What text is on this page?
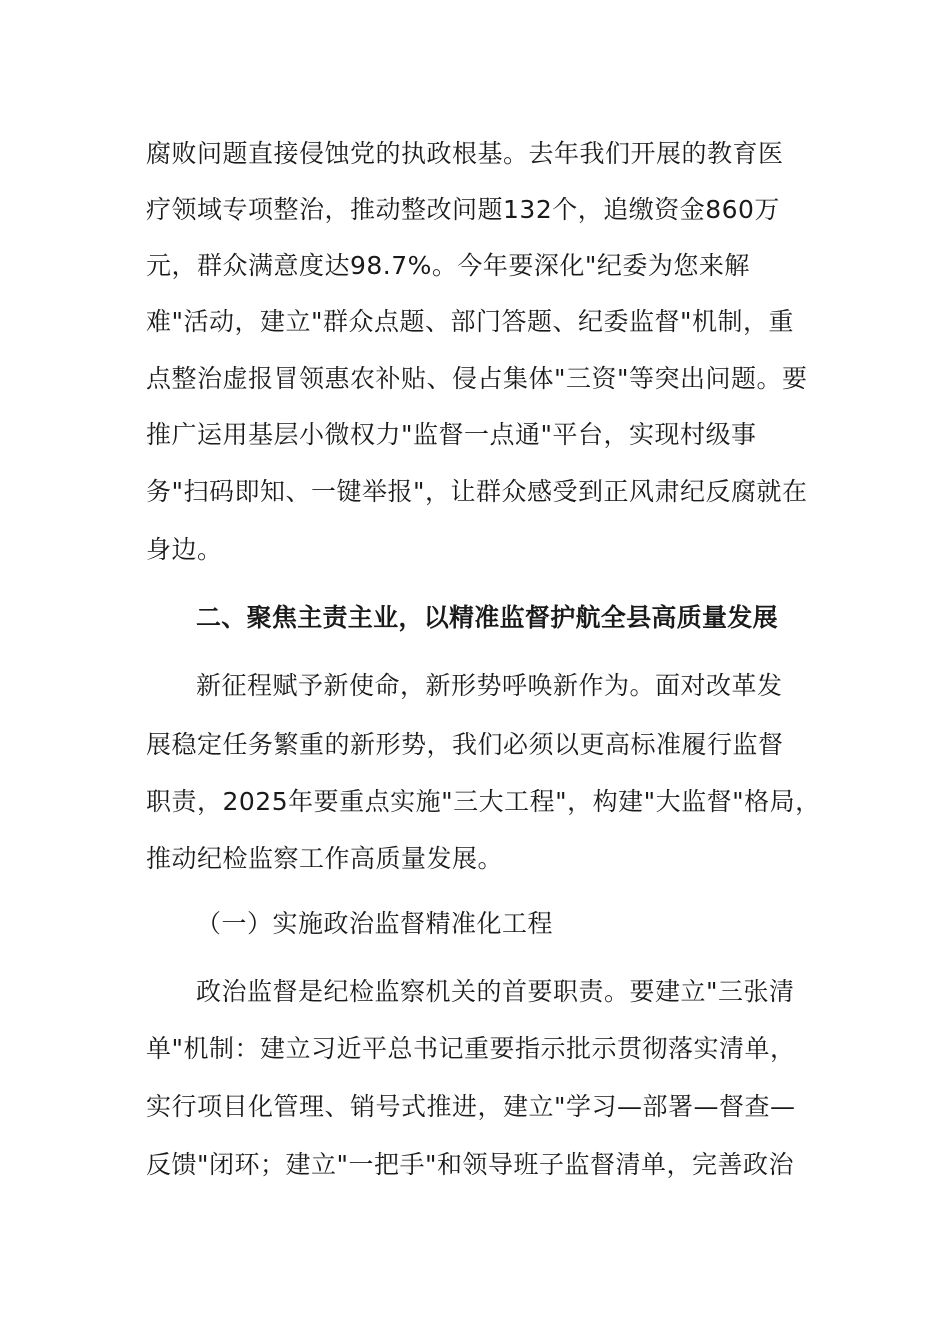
腐败问题直接侵蚀党的执政根基。去年我们开展的教育医
疗领域专项整治，推动整改问题132个，追缴资金860万
元，群众满意度达98.7%。今年要深化"纪委为您来解
难"活动，建立"群众点题、部门答题、纪委监督"机制，重
点整治虚报冒领惠农补贴、侵占集体"三资"等突出问题。要
推广运用基层小微权力"监督一点通"平台，实现村级事
务"扫码即知、一键举报"，让群众感受到正风肃纪反腐就在
身边。
二、聚焦主责主业，以精准监督护航全县高质量发展
新征程赋予新使命，新形势呼唤新作为。面对改革发
展稳定任务繁重的新形势，我们必须以更高标准履行监督
职责，2025年要重点实施"三大工程"，构建"大监督"格局，
推动纪检监察工作高质量发展。
（一）实施政治监督精准化工程
政治监督是纪检监察机关的首要职责。要建立"三张清
单"机制：建立习近平总书记重要指示批示贯彻落实清单，
实行项目化管理、销号式推进，建立"学习—部署—督查—
反馈"闭环；建立"一把手"和领导班子监督清单，完善政治
